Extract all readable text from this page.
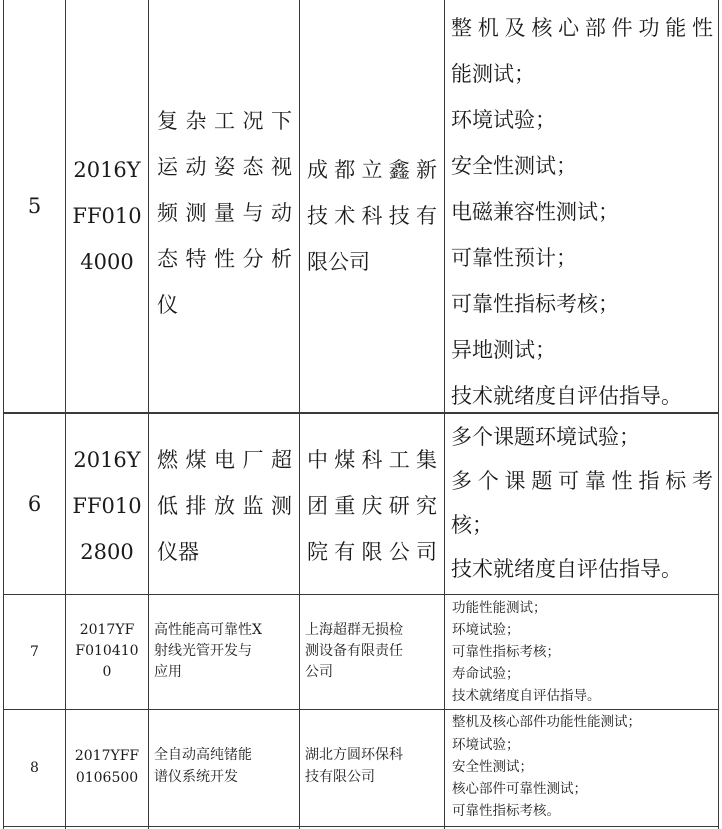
5
2016Y
FF010
4000
复杂工况下
运动姿态视
频测量与动
态特性分析
仪
成都立鑫新
技术科技有
限公司
整机及核心部件功能性
能测试；
环境试验；
安全性测试；
电磁兼容性测试；
可靠性预计；
可靠性指标考核；
异地测试；
技术就绪度自评估指导。
6
2016Y
FF010
2800
燃煤电厂超
低排放监测
仪器
中煤科工集
团重庆研究
院有限公司
多个课题环境试验；
多个课题可靠性指标考
核；
技术就绪度自评估指导。
7
2017YF
F010410
0
高性能高可靠性X
射线光管开发与
应用
上海超群无损检
测设备有限责任
公司
功能性能测试；
环境试验；
可靠性指标考核；
寿命试验；
技术就绪度自评估指导。
8
2017YFF
0106500
全自动高纯锗能
谱仪系统开发
湖北方圆环保科
技有限公司
整机及核心部件功能性能测试；
环境试验；
安全性测试；
核心部件可靠性测试；
可靠性指标考核。
